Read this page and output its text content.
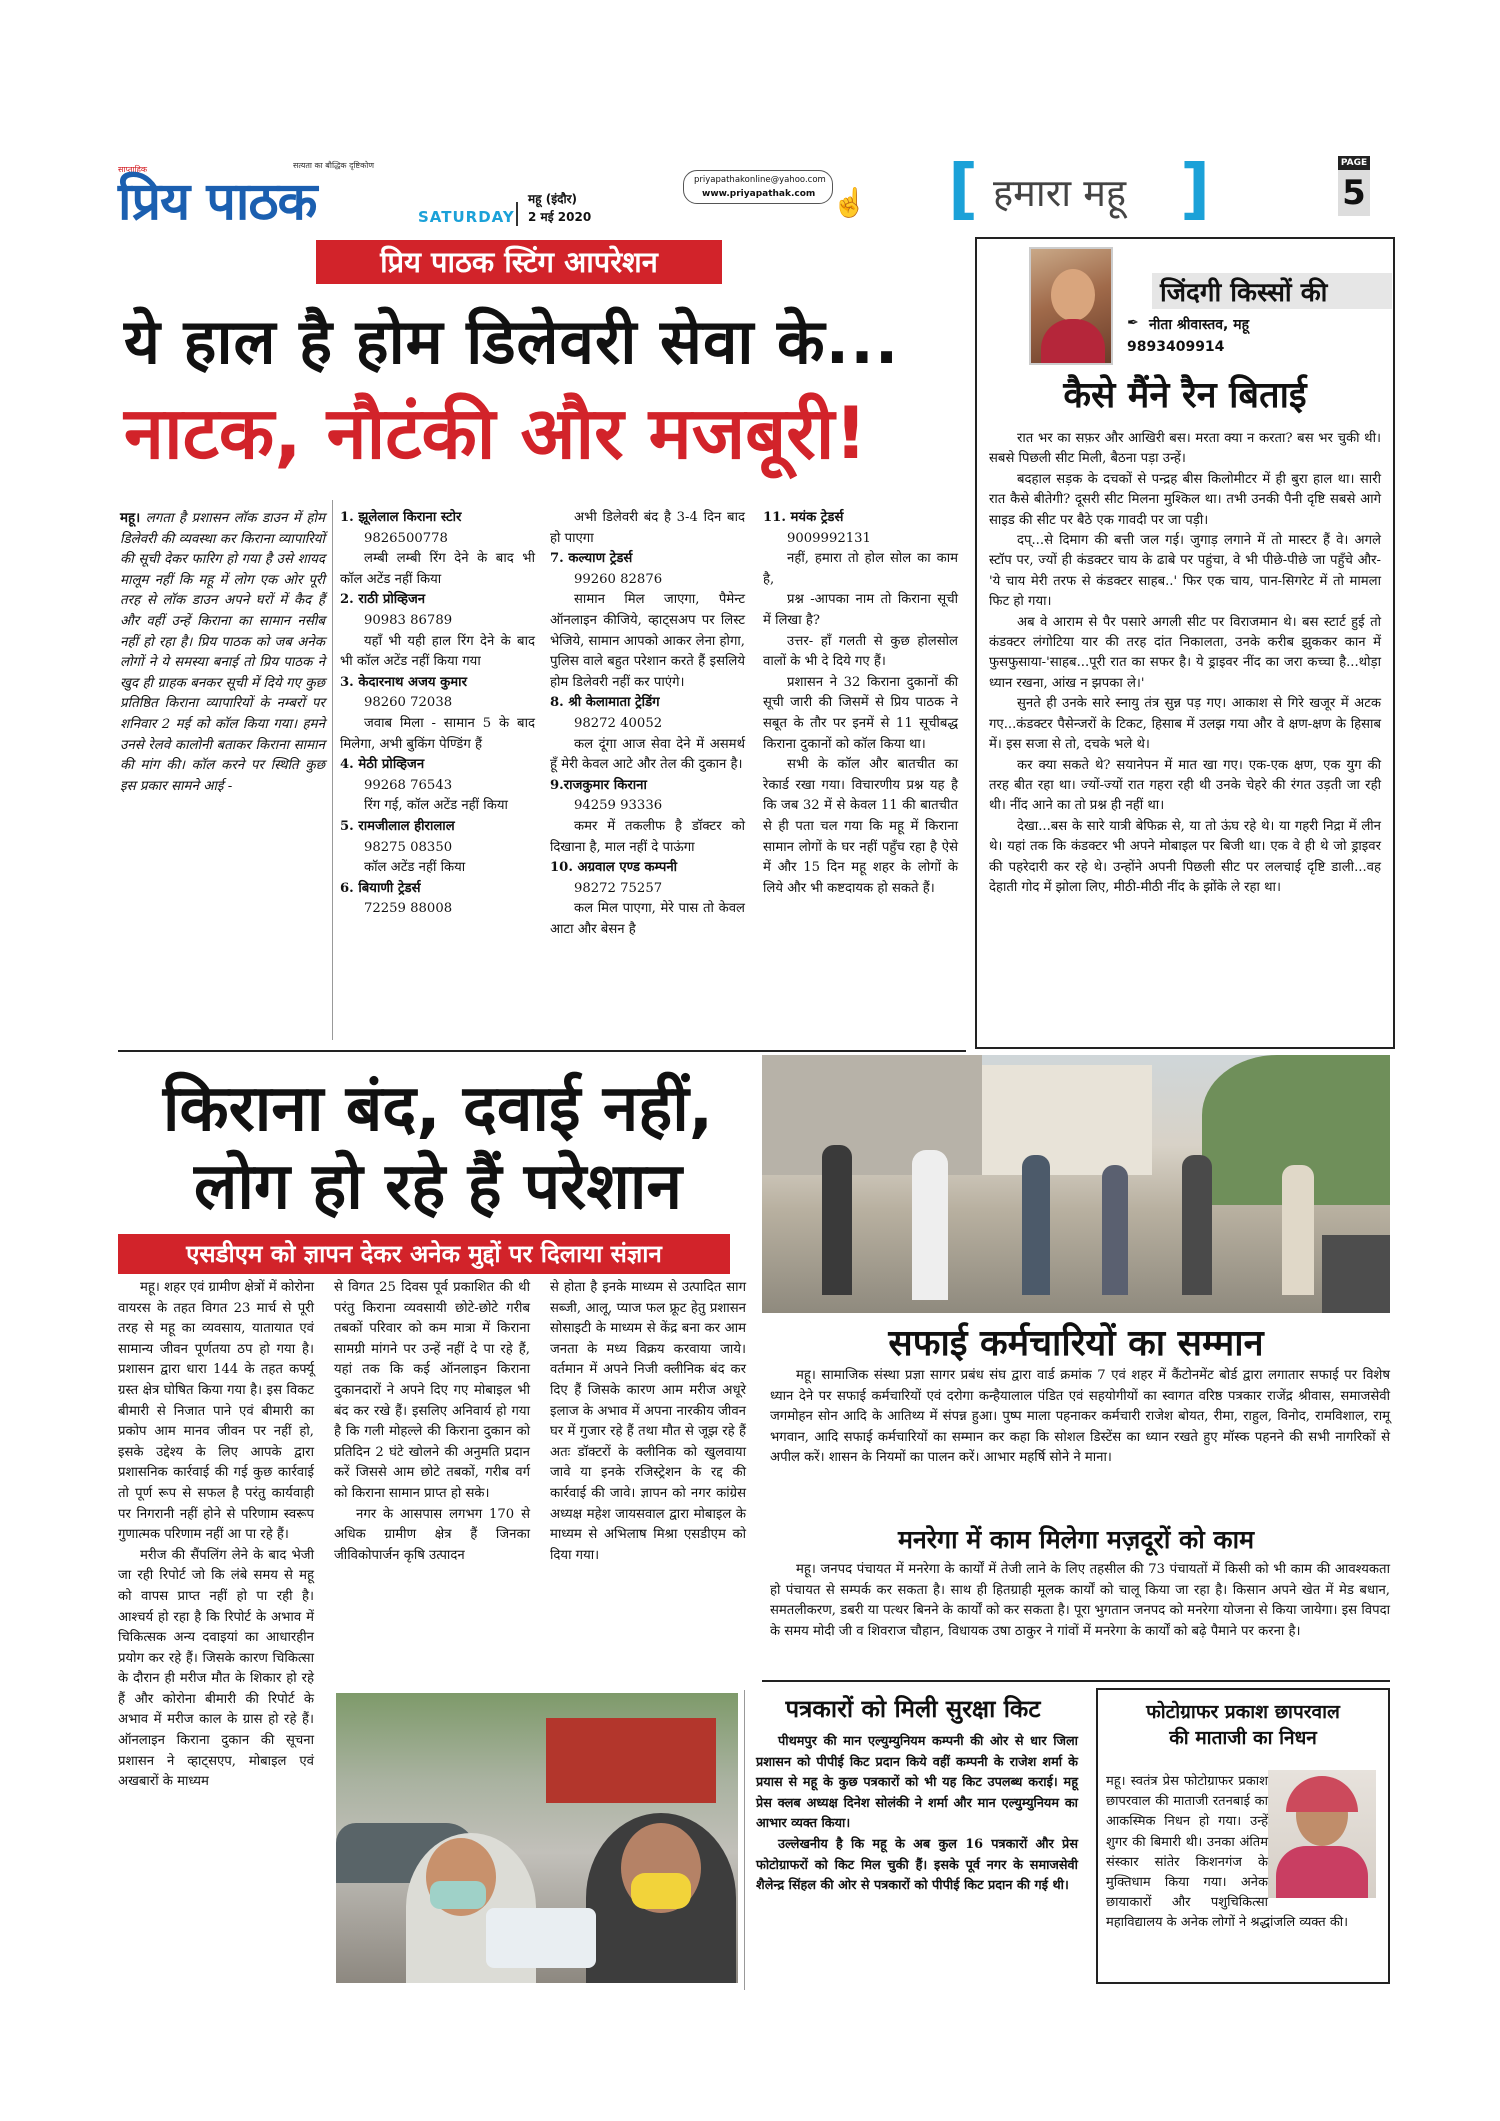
साप्ताहिक
प्रिय पाठक
सत्यता का बौद्धिक दृष्टिकोण
SATURDAY
महू (इंदौर)
2 मई 2020
priyapathakonline@yahoo.com
www.priyapathak.com ☝ [ हमारा महू ]	PAGE
5
प्रिय पाठक स्टिंग आपरेशन
ये हाल है होम डिलेवरी सेवा के...
नाटक, नौटंकी और मजबूरी!
महू। लगता है प्रशासन लॉक डाउन में होम डिलेवरी की व्यवस्था कर किराना व्यापारियों की सूची देकर फारिग हो गया है उसे शायद मालूम नहीं कि महू में लोग एक ओर पूरी तरह से लॉक डाउन अपने घरों में कैद हैं और वहीं उन्हें किराना का सामान नसीब नहीं हो रहा है। प्रिय पाठक को जब अनेक लोगों ने ये समस्या बनाई तो प्रिय पाठक ने खुद ही ग्राहक बनकर सूची में दिये गए कुछ प्रतिष्ठित किराना व्यापारियों के नम्बरों पर शनिवार 2 मई को कॉल किया गया। हमने उनसे रेलवे कालोनी बताकर किराना सामान की मांग की। कॉल करने पर स्थिति कुछ इस प्रकार सामने आई -

1. झूलेलाल किराना स्टोर

9826500778

लम्बी लम्बी रिंग देने के बाद भी कॉल अटेंड नहीं किया

2. राठी प्रोव्हिजन

90983 86789

यहाँ भी यही हाल रिंग देने के बाद भी कॉल अटेंड नहीं किया गया

3. केदारनाथ अजय कुमार

98260 72038

जवाब मिला - सामान 5 के बाद मिलेगा, अभी बुकिंग पेण्डिंग हैं

4. मेठी प्रोव्हिजन

99268 76543

रिंग गई, कॉल अटेंड नहीं किया

5. रामजीलाल हीरालाल

98275 08350

कॉल अटेंड नहीं किया

6. बियाणी ट्रेडर्स

72259 88008

अभी डिलेवरी बंद है 3-4 दिन बाद हो पाएगा

7. कल्याण ट्रेडर्स

99260 82876

सामान मिल जाएगा, पैमेन्ट ऑनलाइन कीजिये, व्हाट्सअप पर लिस्ट भेजिये, सामान आपको आकर लेना होगा, पुलिस वाले बहुत परेशान करते हैं इसलिये होम डिलेवरी नहीं कर पाएंगे।

8. श्री केलामाता ट्रेडिंग

98272 40052

कल दूंगा आज सेवा देने में असमर्थ हूँ मेरी केवल आटे और तेल की दुकान है।

9.राजकुमार किराना

94259 93336

कमर में तकलीफ है डॉक्टर को दिखाना है, माल नहीं दे पाऊंगा

10. अग्रवाल एण्ड कम्पनी

98272 75257

कल मिल पाएगा, मेरे पास तो केवल आटा और बेसन है

11. मयंक ट्रेडर्स

9009992131

नहीं, हमारा तो होल सोल का काम है,

प्रश्न -आपका नाम तो किराना सूची में लिखा है?

उत्तर- हाँ गलती से कुछ होलसोल वालों के भी दे दिये गए हैं।

प्रशासन ने 32 किराना दुकानों की सूची जारी की जिसमें से प्रिय पाठक ने सबूत के तौर पर इनमें से 11 सूचीबद्ध किराना दुकानों को कॉल किया था।

सभी के कॉल और बातचीत का रेकार्ड रखा गया। विचारणीय प्रश्न यह है कि जब 32 में से केवल 11 की बातचीत से ही पता चल गया कि महू में किराना सामान लोगों के घर नहीं पहुँच रहा है ऐसे में और 15 दिन महू शहर के लोगों के लिये और भी कष्टदायक हो सकते हैं।

जिंदगी किस्सों की
✒ नीता श्रीवास्तव, महू
9893409914
कैसे मैंने रैन बिताई

रात भर का सफ़र और आखिरी बस। मरता क्या न करता? बस भर चुकी थी। सबसे पिछली सीट मिली, बैठना पड़ा उन्हें।

बदहाल सड़क के दचकों से पन्द्रह बीस किलोमीटर में ही बुरा हाल था। सारी रात कैसे बीतेगी? दूसरी सीट मिलना मुश्किल था। तभी उनकी पैनी दृष्टि सबसे आगे साइड की सीट पर बैठे एक गावदी पर जा पड़ी।

दप्...से दिमाग की बत्ती जल गई। जुगाड़ लगाने में तो मास्टर हैं वे। अगले स्टॉप पर, ज्यों ही कंडक्टर चाय के ढाबे पर पहुंचा, वे भी पीछे-पीछे जा पहुँचे और-'ये चाय मेरी तरफ से कंडक्टर साहब..' फिर एक चाय, पान-सिगरेट में तो मामला फिट हो गया।

अब वे आराम से पैर पसारे अगली सीट पर विराजमान थे। बस स्टार्ट हुई तो कंडक्टर लंगोटिया यार की तरह दांत निकालता, उनके करीब झुककर कान में फुसफुसाया-'साहब...पूरी रात का सफर है। ये ड्राइवर नींद का जरा कच्चा है...थोड़ा ध्यान रखना, आंख न झपका ले।'

सुनते ही उनके सारे स्नायु तंत्र सुन्न पड़ गए। आकाश से गिरे खजूर में अटक गए...कंडक्टर पैसेन्जरों के टिकट, हिसाब में उलझ गया और वे क्षण-क्षण के हिसाब में। इस सजा से तो, दचके भले थे।

कर क्या सकते थे? सयानेपन में मात खा गए। एक-एक क्षण, एक युग की तरह बीत रहा था। ज्यों-ज्यों रात गहरा रही थी उनके चेहरे की रंगत उड़ती जा रही थी। नींद आने का तो प्रश्न ही नहीं था।

देखा...बस के सारे यात्री बेफिक्र से, या तो ऊंघ रहे थे। या गहरी निद्रा में लीन थे। यहां तक कि कंडक्टर भी अपने मोबाइल पर बिजी था। एक वे ही थे जो ड्राइवर की पहरेदारी कर रहे थे। उन्होंने अपनी पिछली सीट पर ललचाई दृष्टि डाली...वह देहाती गोद में झोला लिए, मीठी-मीठी नींद के झोंके ले रहा था।

किराना बंद, दवाई नहीं,
लोग हो रहे हैं परेशान
एसडीएम को ज्ञापन देकर अनेक मुद्दों पर दिलाया संज्ञान

महू। शहर एवं ग्रामीण क्षेत्रों में कोरोना वायरस के तहत विगत 23 मार्च से पूरी तरह से महू का व्यवसाय, यातायात एवं सामान्य जीवन पूर्णतया ठप हो गया है। प्रशासन द्वारा धारा 144 के तहत कर्फ्यू ग्रस्त क्षेत्र घोषित किया गया है। इस विकट बीमारी से निजात पाने एवं बीमारी का प्रकोप आम मानव जीवन पर नहीं हो, इसके उद्देश्य के लिए आपके द्वारा प्रशासनिक कार्रवाई की गई कुछ कार्रवाई तो पूर्ण रूप से सफल है परंतु कार्यवाही पर निगरानी नहीं होने से परिणाम स्वरूप गुणात्मक परिणाम नहीं आ पा रहे हैं।

मरीज की सैंपलिंग लेने के बाद भेजी जा रही रिपोर्ट जो कि लंबे समय से महू को वापस प्राप्त नहीं हो पा रही है। आश्चर्य हो रहा है कि रिपोर्ट के अभाव में चिकित्सक अन्य दवाइयां का आधारहीन प्रयोग कर रहे हैं। जिसके कारण चिकित्सा के दौरान ही मरीज मौत के शिकार हो रहे हैं और कोरोना बीमारी की रिपोर्ट के अभाव में मरीज काल के ग्रास हो रहे हैं। ऑनलाइन किराना दुकान की सूचना प्रशासन ने व्हाट्सएप, मोबाइल एवं अखबारों के माध्यम

से विगत 25 दिवस पूर्व प्रकाशित की थी परंतु किराना व्यवसायी छोटे-छोटे गरीब तबकों परिवार को कम मात्रा में किराना सामग्री मांगने पर उन्हें नहीं दे पा रहे हैं, यहां तक कि कई ऑनलाइन किराना दुकानदारों ने अपने दिए गए मोबाइल भी बंद कर रखे हैं। इसलिए अनिवार्य हो गया है कि गली मोहल्ले की किराना दुकान को प्रतिदिन 2 घंटे खोलने की अनुमति प्रदान करें जिससे आम छोटे तबकों, गरीब वर्ग को किराना सामान प्राप्त हो सके।

नगर के आसपास लगभग 170 से अधिक ग्रामीण क्षेत्र हैं जिनका जीविकोपार्जन कृषि उत्पादन

से होता है इनके माध्यम से उत्पादित साग सब्जी, आलू, प्याज फल फ्रूट हेतु प्रशासन सोसाइटी के माध्यम से केंद्र बना कर आम जनता के मध्य विक्रय करवाया जाये। वर्तमान में अपने निजी क्लीनिक बंद कर दिए हैं जिसके कारण आम मरीज अधूरे इलाज के अभाव में अपना नारकीय जीवन घर में गुजार रहे हैं तथा मौत से जूझ रहे हैं अतः डॉक्टरों के क्लीनिक को खुलवाया जावे या इनके रजिस्ट्रेशन के रद्द की कार्रवाई की जावे। ज्ञापन को नगर कांग्रेस अध्यक्ष महेश जायसवाल द्वारा मोबाइल के माध्यम से अभिलाष मिश्रा एसडीएम को दिया गया।

सफाई कर्मचारियों का सम्मान
महू। सामाजिक संस्था प्रज्ञा सागर प्रबंध संघ द्वारा वार्ड क्रमांक 7 एवं शहर में कैंटोनमेंट बोर्ड द्वारा लगातार सफाई पर विशेष ध्यान देने पर सफाई कर्मचारियों एवं दरोगा कन्हैयालाल पंडित एवं सहयोगीयों का स्वागत वरिष्ठ पत्रकार राजेंद्र श्रीवास, समाजसेवी जगमोहन सोन आदि के आतिथ्य में संपन्न हुआ। पुष्प माला पहनाकर कर्मचारी राजेश बोयत, रीमा, राहुल, विनोद, रामविशाल, रामू भगवान, आदि सफाई कर्मचारियों का सम्मान कर कहा कि सोशल डिस्टेंस का ध्यान रखते हुए मॉस्क पहनने की सभी नागरिकों से अपील करें। शासन के नियमों का पालन करें। आभार महर्षि सोने ने माना।
मनरेगा में काम मिलेगा मज़दूरों को काम
महू। जनपद पंचायत में मनरेगा के कार्यों में तेजी लाने के लिए तहसील की 73 पंचायतों में किसी को भी काम की आवश्यकता हो पंचायत से सम्पर्क कर सकता है। साथ ही हितग्राही मूलक कार्यों को चालू किया जा रहा है। किसान अपने खेत में मेड बधान, समतलीकरण, डबरी या पत्थर बिनने के कार्यों को कर सकता है। पूरा भुगतान जनपद को मनरेगा योजना से किया जायेगा। इस विपदा के समय मोदी जी व शिवराज चौहान, विधायक उषा ठाकुर ने गांवों में मनरेगा के कार्यों को बढ़े पैमाने पर करना है।
पत्रकारों को मिली सुरक्षा किट

पीथमपुर की मान एल्युम्युनियम कम्पनी की ओर से धार जिला प्रशासन को पीपीई किट प्रदान किये वहीं कम्पनी के राजेश शर्मा के प्रयास से महू के कुछ पत्रकारों को भी यह किट उपलब्ध कराई। महू प्रेस क्लब अध्यक्ष दिनेश सोलंकी ने शर्मा और मान एल्युम्युनियम का आभार व्यक्त किया।

उल्लेखनीय है कि महू के अब कुल 16 पत्रकारों और प्रेस फोटोग्राफरों को किट मिल चुकी हैं। इसके पूर्व नगर के समाजसेवी शैलेन्द्र सिंहल की ओर से पत्रकारों को पीपीई किट प्रदान की गई थी।

फोटोग्राफर प्रकाश छापरवाल
की माताजी का निधन
महू। स्वतंत्र प्रेस फोटोग्राफर प्रकाश छापरवाल की माताजी रतनबाई का आकस्मिक निधन हो गया। उन्हें शुगर की बिमारी थी। उनका अंतिम संस्कार सांतेर किशनगंज के मुक्तिधाम किया गया। अनेक छायाकारों और पशुचिकित्सा महाविद्यालय के अनेक लोगों ने श्रद्धांजलि व्यक्त की।
